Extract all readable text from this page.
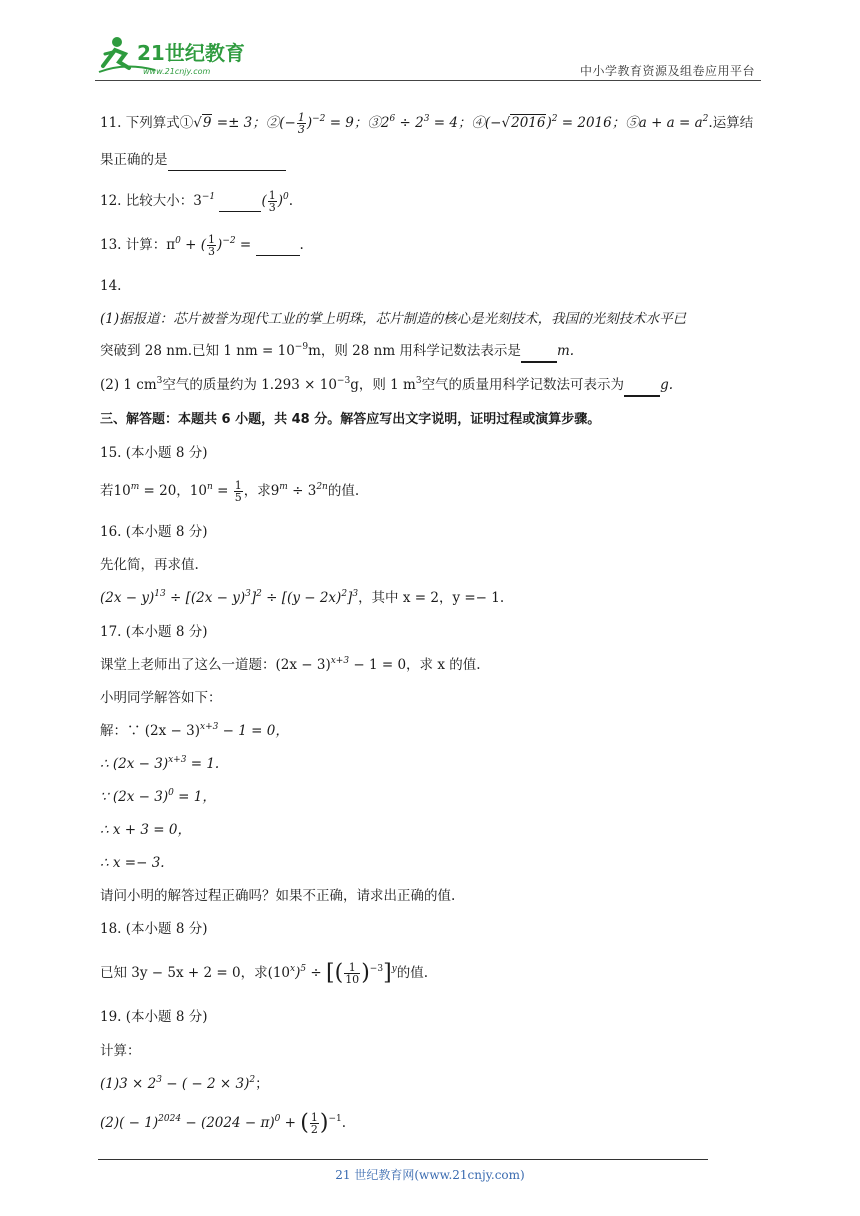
21世纪教育
www.21cnjy.com	中小学教育资源及组卷应用平台
11. 下列算式①√9 =± 3；②(− $\frac{1}{3} )^{-2} = 9$；$③2^6 \div 2^3 = 4$；$④(-√2016)^2 = 2016$；⑤a + $a = a^2$.运算结
果正确的是
12. 比较大小：$3^{-1}$	( $\frac{1}{3} )^0$.
13. 计算：$\pi^0$ + ( $\frac{1}{3} )^{-2}$ =	.
14.
(1)据报道：芯片被誉为现代工业的掌上明珠，芯片制造的核心是光刻技术，我国的光刻技术水平已
突破到 28 nm.已知 1 nm = $10^{-9}m$，则 28 nm 用科学记数法表示是	m.
(2) 1 $cm^3$空气的质量约为 $1.293 \times 10^{-3}g$，则 1 $m^3$空气的质量用科学记数法可表示为	g.
三、解答题：本题共 6 小题，共 48 分。解答应写出文字说明，证明过程或演算步骤。
15. (本小题 8 分)
若$10^m = 20$，$10^n = \frac{1}{5}$ ，求$9^m \div 3^{2n}$的值.
16. (本小题 8 分)
先化简，再求值.
$(2x - y)^{13} \div [(2x - y)^3]^2 \div [(y - 2x)^2]^3$，其中 x = 2，y =− 1.
17. (本小题 8 分)
课堂上老师出了这么一道题：$(2x - 3)^{x+3} - 1 = 0$，求 x 的值.
小明同学解答如下：
解：∵ $(2x - 3)^{x+3} - 1 = 0$，
∴ $(2x - 3)^{x+3} = 1$.
∵ $(2x - 3)^0 = 1$，
∴ x + 3 = 0，
∴ x =− 3.
请问小明的解答过程正确吗？如果不正确，请求出正确的值.
18. (本小题 8 分)
已知 3y − 5x + 2 = 0，求$(10^x)^5$ ÷ [( $\frac{1}{10} )^{-3}]^y$的值.
19. (本小题 8 分)
计算：
$(1)3 \times 2^3$ − ( − 2 × 3)$^2$；
$(2)( - 1)^{2024} - (2024 - \pi)^0$ + ( $\frac{1}{2} )^{-1}$.
21 世纪教育网(www.21cnjy.com)
